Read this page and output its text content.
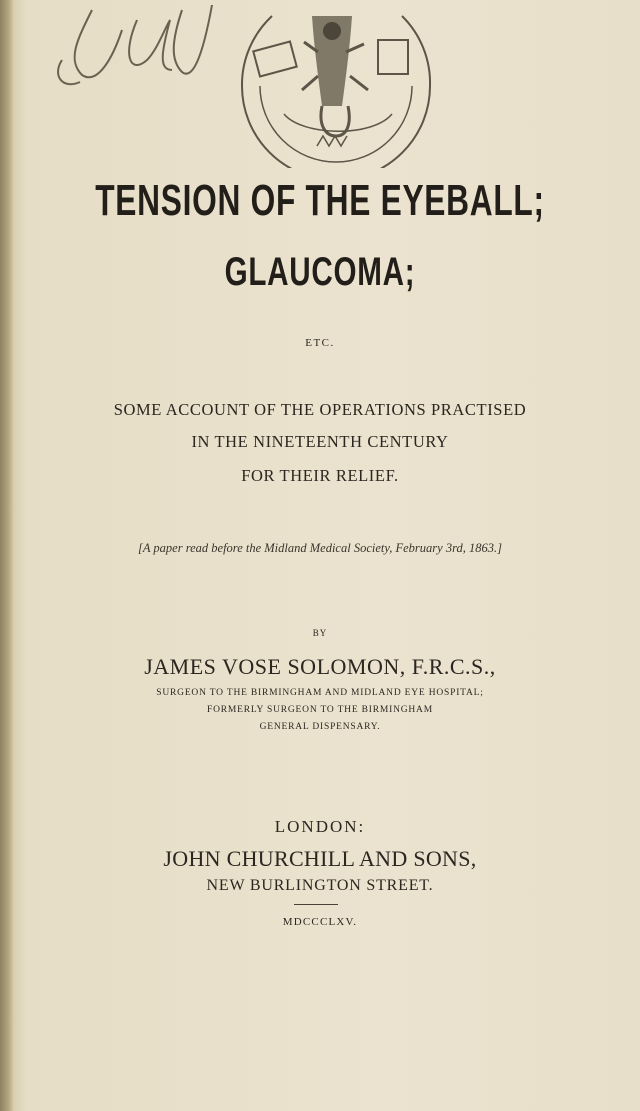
TENSION OF THE EYEBALL;
GLAUCOMA;
ETC.
SOME ACCOUNT OF THE OPERATIONS PRACTISED
IN THE NINETEENTH CENTURY
FOR THEIR RELIEF.
[A paper read before the Midland Medical Society, February 3rd, 1863.]
BY
JAMES VOSE SOLOMON, F.R.C.S.,
SURGEON TO THE BIRMINGHAM AND MIDLAND EYE HOSPITAL;
FORMERLY SURGEON TO THE BIRMINGHAM
GENERAL DISPENSARY.
LONDON:
JOHN CHURCHILL AND SONS,
NEW BURLINGTON STREET.
MDCCCLXV.
